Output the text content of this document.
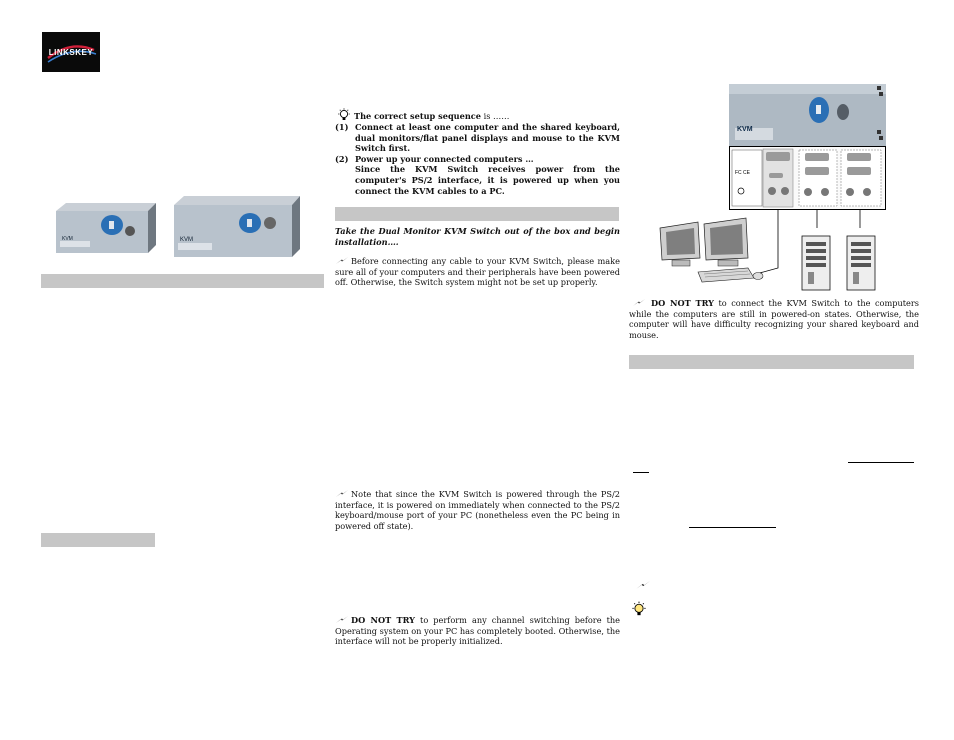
LINKSKEY
KVM	KVM
The correct setup sequence is ……
(1) Connect at least one computer and the shared keyboard, dual monitors/flat panel displays and mouse to the KVM Switch first.
(2) Power up your connected computers …
Since the KVM Switch receives power from the computer's PS/2 interface, it is powered up when you connect the KVM cables to a PC.
Take the Dual Monitor KVM Switch out of the box and begin installation….
Before connecting any cable to your KVM Switch, please make sure all of your computers and their peripherals have been powered off. Otherwise, the Switch system might not be set up properly.
Note that since the KVM Switch is powered through the PS/2 interface, it is powered on immediately when connected to the PS/2 keyboard/mouse port of your PC (nonetheless even the PC being in powered off state).
DO NOT TRY to perform any channel switching before the Operating system on your PC has completely booted. Otherwise, the interface will not be properly initialized.
KVM
FC CE
DO NOT TRY to connect the KVM Switch to the computers while the computers are still in powered-on states. Otherwise, the computer will have difficulty recognizing your shared keyboard and mouse.
